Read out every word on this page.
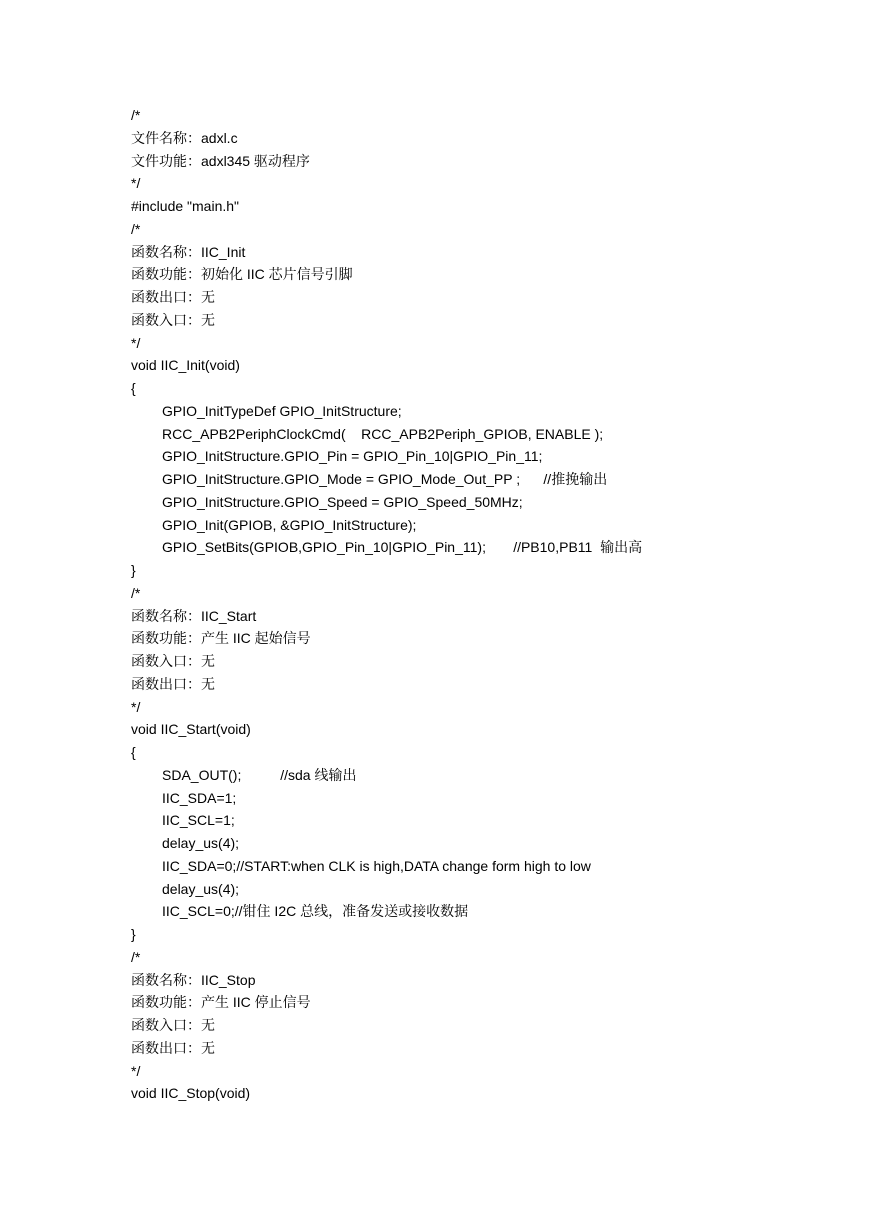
/*
文件名称：adxl.c
文件功能：adxl345 驱动程序
*/
#include "main.h"
/*
函数名称：IIC_Init
函数功能：初始化 IIC 芯片信号引脚
函数出口：无
函数入口：无
*/
void IIC_Init(void)
{
GPIO_InitTypeDef GPIO_InitStructure;
RCC_APB2PeriphClockCmd(    RCC_APB2Periph_GPIOB, ENABLE );
GPIO_InitStructure.GPIO_Pin = GPIO_Pin_10|GPIO_Pin_11;
GPIO_InitStructure.GPIO_Mode = GPIO_Mode_Out_PP ;      //推挽输出
GPIO_InitStructure.GPIO_Speed = GPIO_Speed_50MHz;
GPIO_Init(GPIOB, &GPIO_InitStructure);
GPIO_SetBits(GPIOB,GPIO_Pin_10|GPIO_Pin_11);       //PB10,PB11  输出高
}
/*
函数名称：IIC_Start
函数功能：产生 IIC 起始信号
函数入口：无
函数出口：无
*/
void IIC_Start(void)
{
SDA_OUT();          //sda 线输出
IIC_SDA=1;
IIC_SCL=1;
delay_us(4);
IIC_SDA=0;//START:when CLK is high,DATA change form high to low
delay_us(4);
IIC_SCL=0;//钳住 I2C 总线，准备发送或接收数据
}
/*
函数名称：IIC_Stop
函数功能：产生 IIC 停止信号
函数入口：无
函数出口：无
*/
void IIC_Stop(void)
